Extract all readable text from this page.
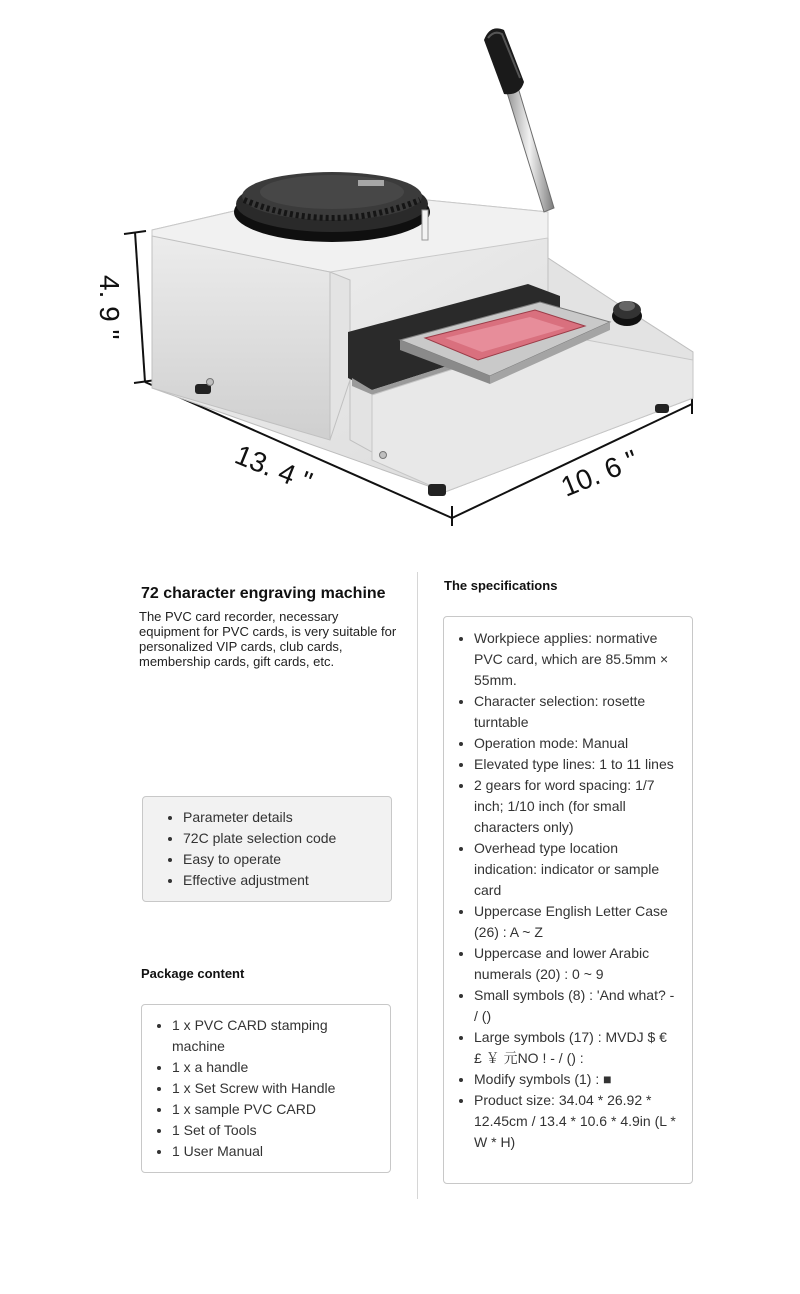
4. 9 "
13. 4 "	10. 6 "
72 character engraving machine

The PVC card recorder, necessary equipment for PVC cards, is very suitable for personalized VIP cards, club cards, membership cards, gift cards, etc.

• Parameter details
• 72C plate selection code
• Easy to operate
• Effective adjustment
Package content
• 1 x PVC CARD stamping machine
• 1 x a handle
• 1 x Set Screw with Handle
• 1 x sample PVC CARD
• 1 Set of Tools
• 1 User Manual
The specifications
• Workpiece applies: normative PVC card, which are 85.5mm × 55mm.
• Character selection: rosette turntable
• Operation mode: Manual
• Elevated type lines: 1 to 11 lines
• 2 gears for word spacing: 1/7 inch; 1/10 inch (for small characters only)
• Overhead type location indication: indicator or sample card
• Uppercase English Letter Case (26) : A ~ Z
• Uppercase and lower Arabic numerals (20) : 0 ~ 9
• Small symbols (8) : 'And what? - / ()
• Large symbols (17) : MVDJ $ € £ ￥ 元NO ! - / () :
• Modify symbols (1) : ■
• Product size: 34.04 * 26.92 * 12.45cm / 13.4 * 10.6 * 4.9in (L * W * H)
